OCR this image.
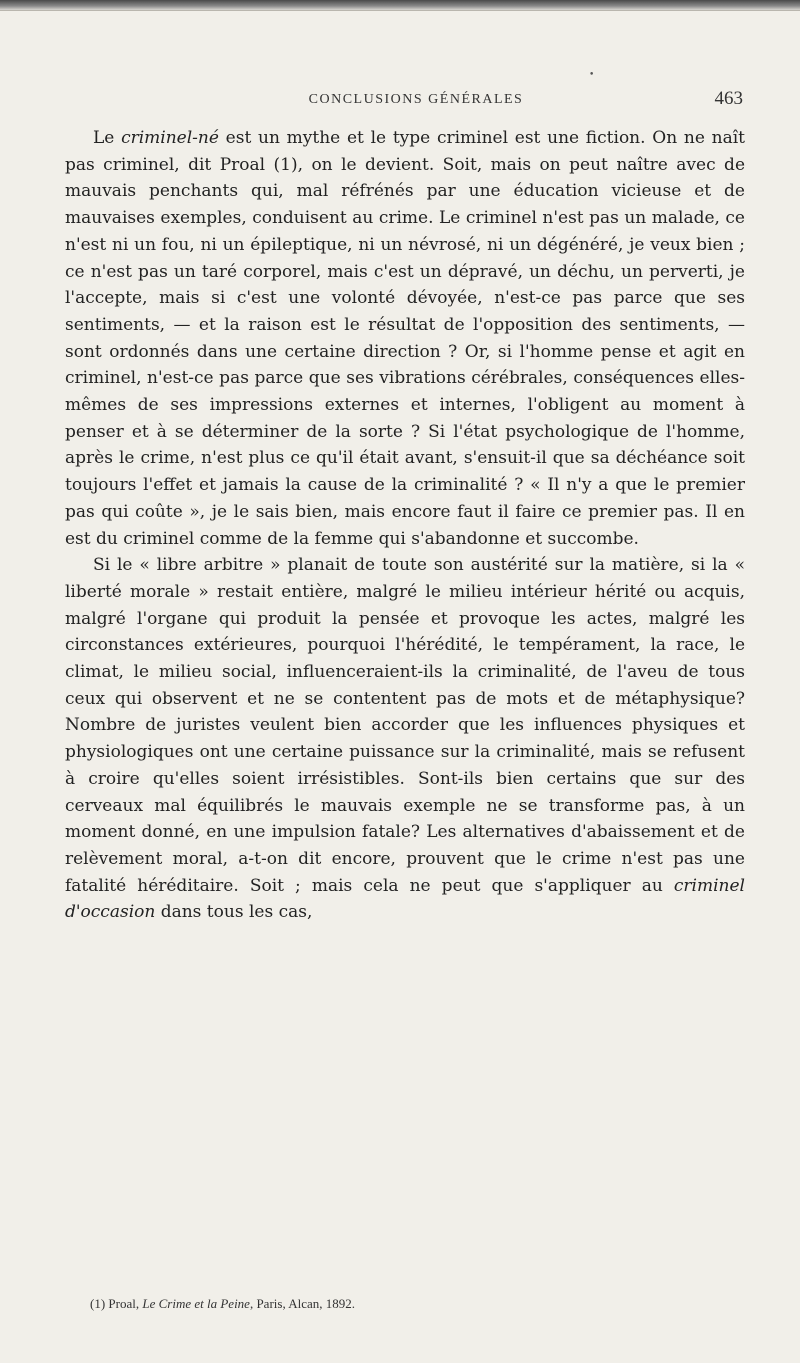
•
CONCLUSIONS GÉNÉRALES	463

Le criminel-né est un mythe et le type criminel est une fiction. On ne naît pas criminel, dit Proal (1), on le devient. Soit, mais on peut naître avec de mauvais penchants qui, mal réfrénés par une éducation vicieuse et de mauvaises exemples, conduisent au crime. Le criminel n'est pas un malade, ce n'est ni un fou, ni un épileptique, ni un névrosé, ni un dégénéré, je veux bien ; ce n'est pas un taré corporel, mais c'est un dépravé, un déchu, un perverti, je l'accepte, mais si c'est une volonté dévoyée, n'est-ce pas parce que ses sentiments, — et la raison est le résultat de l'opposition des sentiments, — sont ordonnés dans une certaine direction ? Or, si l'homme pense et agit en criminel, n'est-ce pas parce que ses vibrations cérébrales, conséquences elles-mêmes de ses impressions externes et internes, l'obligent au moment à penser et à se déterminer de la sorte ? Si l'état psychologique de l'homme, après le crime, n'est plus ce qu'il était avant, s'ensuit-il que sa déchéance soit toujours l'effet et jamais la cause de la criminalité ? « Il n'y a que le premier pas qui coûte », je le sais bien, mais encore faut il faire ce premier pas. Il en est du criminel comme de la femme qui s'abandonne et succombe.

Si le « libre arbitre » planait de toute son austérité sur la matière, si la « liberté morale » restait entière, malgré le milieu intérieur hérité ou acquis, malgré l'organe qui produit la pensée et provoque les actes, malgré les circonstances extérieures, pourquoi l'hérédité, le tempérament, la race, le climat, le milieu social, influenceraient-ils la criminalité, de l'aveu de tous ceux qui observent et ne se contentent pas de mots et de métaphysique? Nombre de juristes veulent bien accorder que les influences physiques et physiologiques ont une certaine puissance sur la criminalité, mais se refusent à croire qu'elles soient irrésistibles. Sont-ils bien certains que sur des cerveaux mal équilibrés le mauvais exemple ne se transforme pas, à un moment donné, en une impulsion fatale? Les alternatives d'abaissement et de relèvement moral, a-t-on dit encore, prouvent que le crime n'est pas une fatalité héréditaire. Soit ; mais cela ne peut que s'appliquer au criminel d'occasion dans tous les cas,

(1) Proal, Le Crime et la Peine, Paris, Alcan, 1892.
